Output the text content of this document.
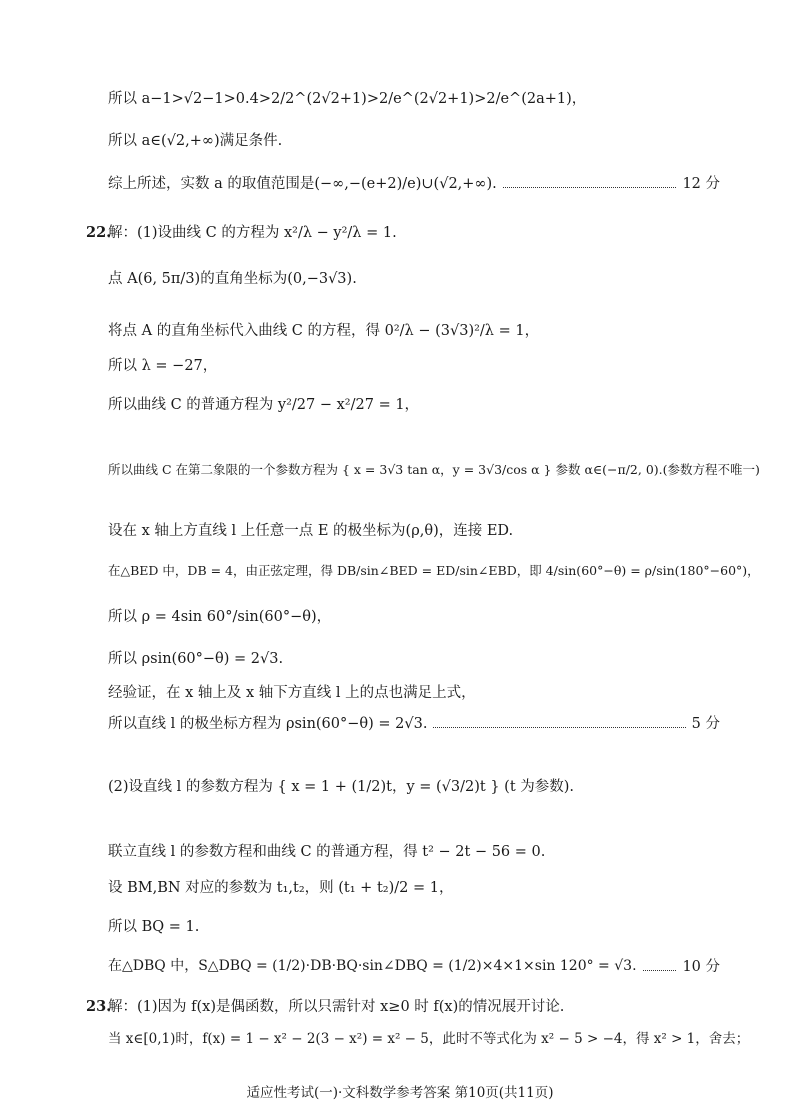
所以 a−1>√2−1>0.4>2/2^(2√2+1)>2/e^(2√2+1)>2/e^(2a+1)，
所以 a∈(√2,+∞)满足条件.
综上所述，实数 a 的取值范围是(−∞,−(e+2)/e)∪(√2,+∞).	12 分
22.
解：(1)设曲线 C 的方程为 x²/λ − y²/λ = 1.
点 A(6, 5π/3)的直角坐标为(0,−3√3).
将点 A 的直角坐标代入曲线 C 的方程，得 0²/λ − (3√3)²/λ = 1，
所以 λ = −27，
所以曲线 C 的普通方程为 y²/27 − x²/27 = 1，
所以曲线 C 在第二象限的一个参数方程为 { x = 3√3 tan α，y = 3√3/cos α } 参数 α∈(−π/2, 0).(参数方程不唯一)
设在 x 轴上方直线 l 上任意一点 E 的极坐标为(ρ,θ)，连接 ED.
在△BED 中，DB = 4，由正弦定理，得 DB/sin∠BED = ED/sin∠EBD，即 4/sin(60°−θ) = ρ/sin(180°−60°)，
所以 ρ = 4sin 60°/sin(60°−θ)，
所以 ρsin(60°−θ) = 2√3.
经验证，在 x 轴上及 x 轴下方直线 l 上的点也满足上式，
所以直线 l 的极坐标方程为 ρsin(60°−θ) = 2√3.	5 分
(2)设直线 l 的参数方程为 { x = 1 + (1/2)t，y = (√3/2)t } (t 为参数).
联立直线 l 的参数方程和曲线 C 的普通方程，得 t² − 2t − 56 = 0.
设 BM,BN 对应的参数为 t₁,t₂，则 (t₁ + t₂)/2 = 1，
所以 BQ = 1.
在△DBQ 中，S△DBQ = (1/2)·DB·BQ·sin∠DBQ = (1/2)×4×1×sin 120° = √3.	10 分
23.
解：(1)因为 f(x)是偶函数，所以只需针对 x≥0 时 f(x)的情况展开讨论.
当 x∈[0,1)时，f(x) = 1 − x² − 2(3 − x²) = x² − 5，此时不等式化为 x² − 5 > −4，得 x² > 1，舍去；
适应性考试(一)·文科数学参考答案 第10页(共11页)
